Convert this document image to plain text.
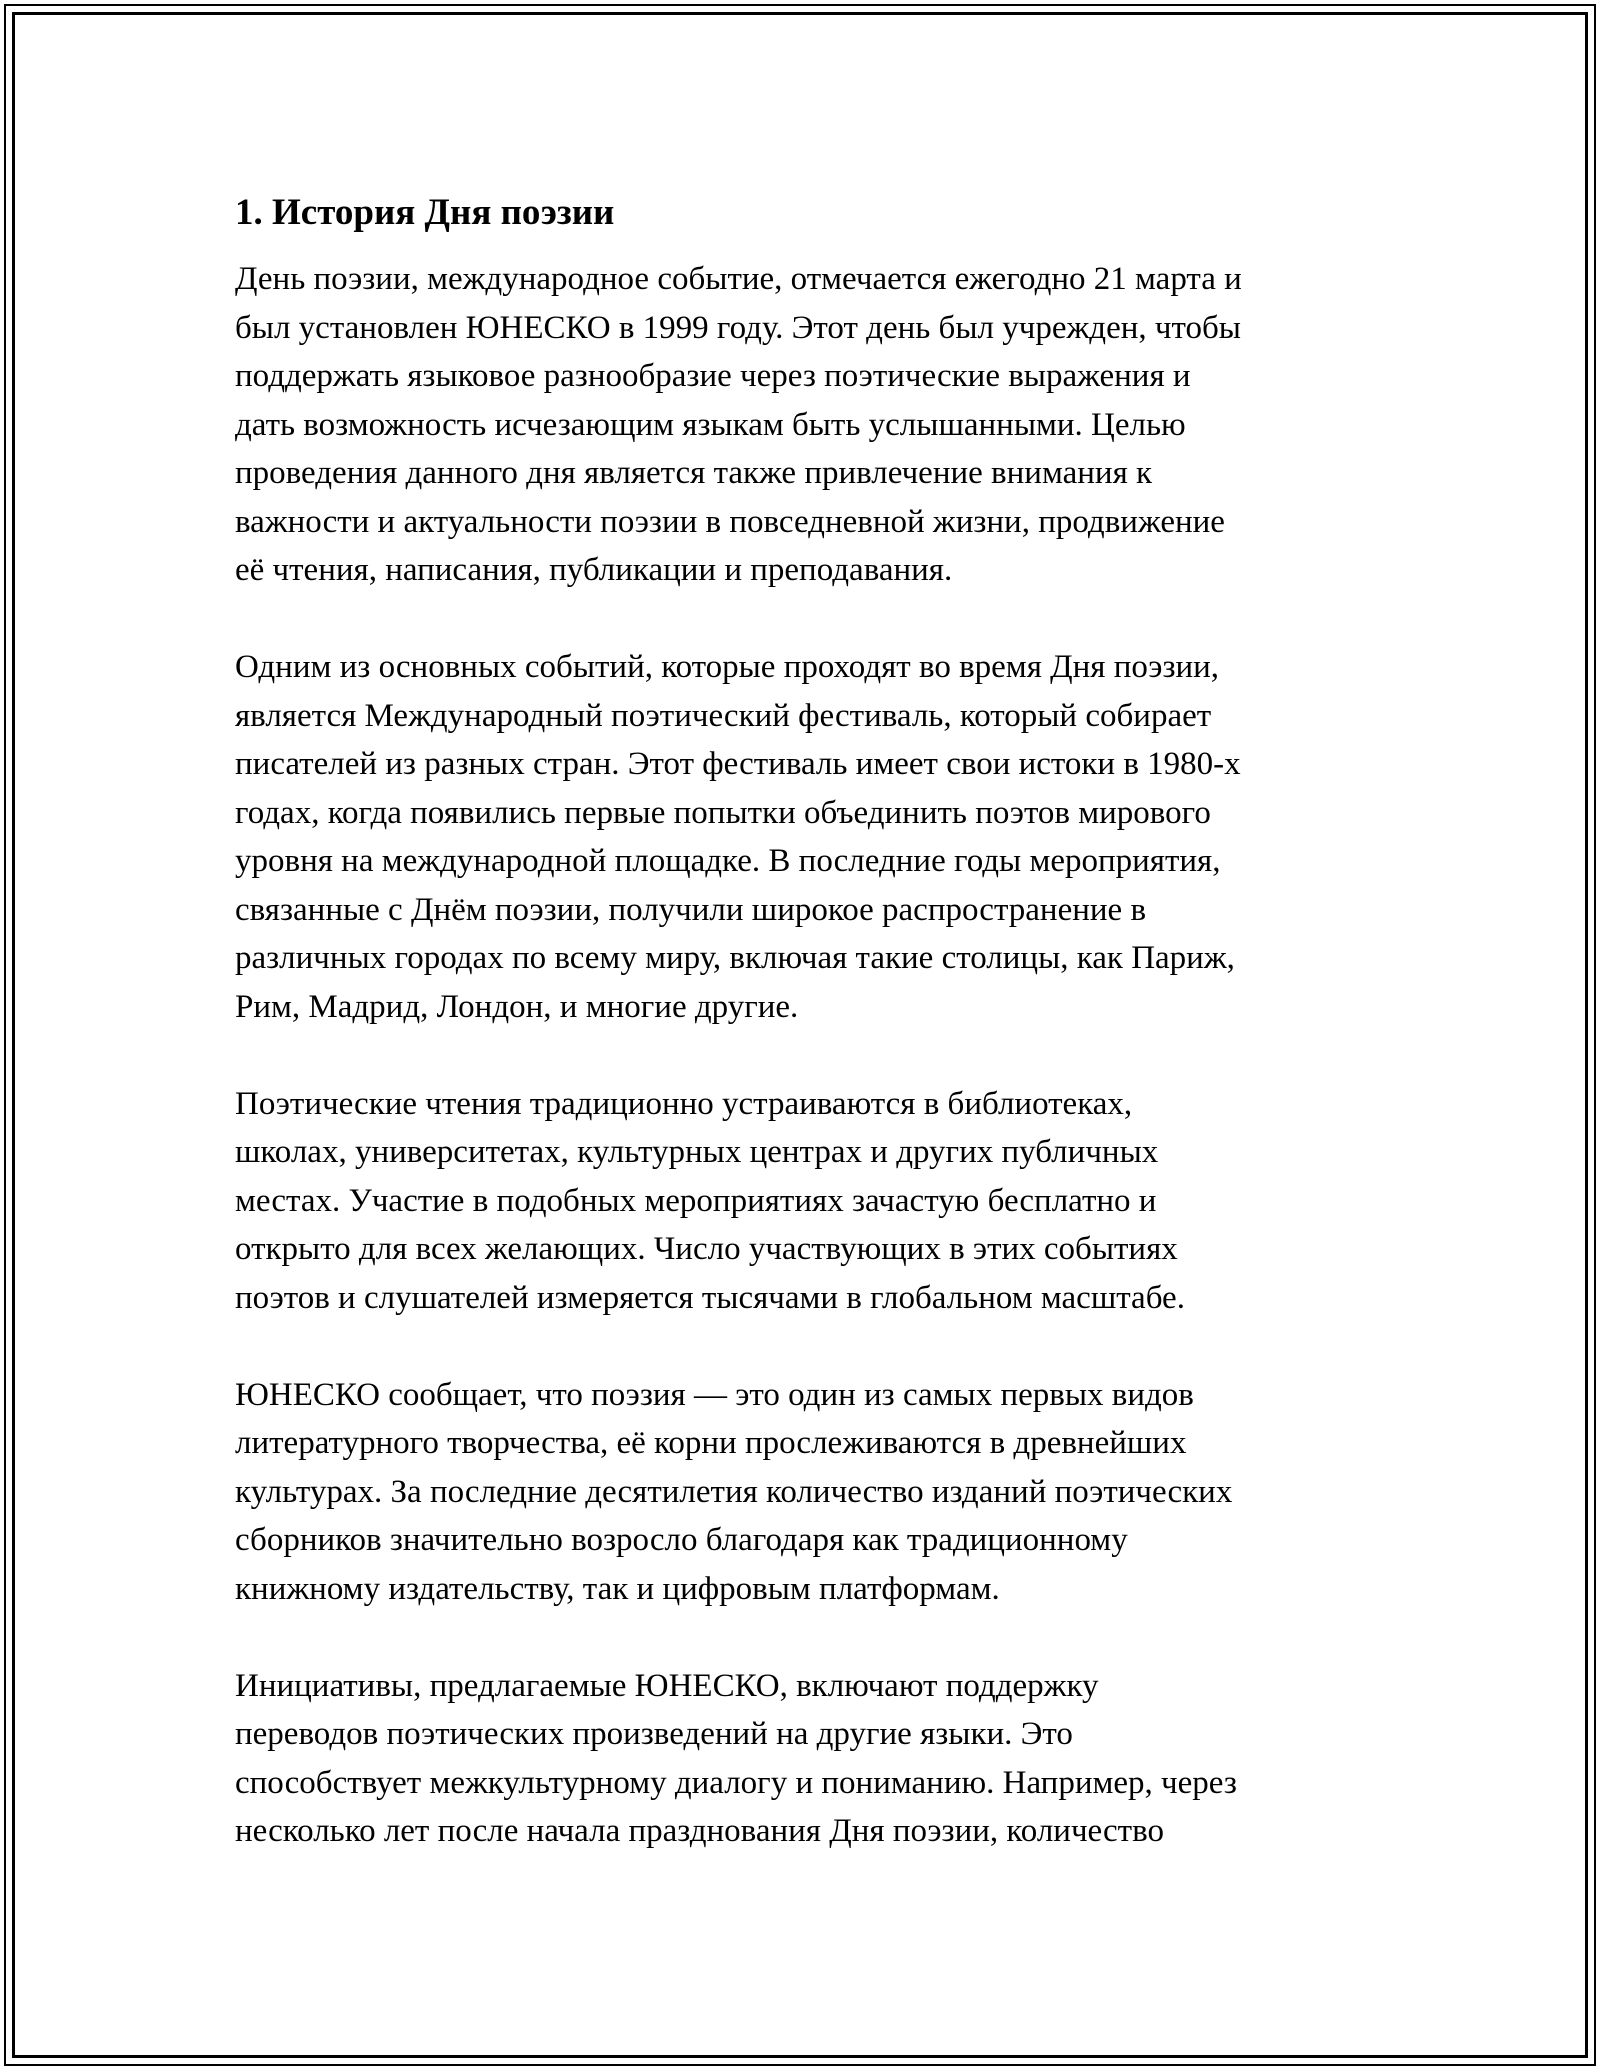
1. История Дня поэзии

День поэзии, международное событие, отмечается ежегодно 21 марта и
был установлен ЮНЕСКО в 1999 году. Этот день был учрежден, чтобы
поддержать языковое разнообразие через поэтические выражения и
дать возможность исчезающим языкам быть услышанными. Целью
проведения данного дня является также привлечение внимания к
важности и актуальности поэзии в повседневной жизни, продвижение
её чтения, написания, публикации и преподавания.

Одним из основных событий, которые проходят во время Дня поэзии,
является Международный поэтический фестиваль, который собирает
писателей из разных стран. Этот фестиваль имеет свои истоки в 1980-х
годах, когда появились первые попытки объединить поэтов мирового
уровня на международной площадке. В последние годы мероприятия,
связанные с Днём поэзии, получили широкое распространение в
различных городах по всему миру, включая такие столицы, как Париж,
Рим, Мадрид, Лондон, и многие другие.

Поэтические чтения традиционно устраиваются в библиотеках,
школах, университетах, культурных центрах и других публичных
местах. Участие в подобных мероприятиях зачастую бесплатно и
открыто для всех желающих. Число участвующих в этих событиях
поэтов и слушателей измеряется тысячами в глобальном масштабе.

ЮНЕСКО сообщает, что поэзия — это один из самых первых видов
литературного творчества, её корни прослеживаются в древнейших
культурах. За последние десятилетия количество изданий поэтических
сборников значительно возросло благодаря как традиционному
книжному издательству, так и цифровым платформам.

Инициативы, предлагаемые ЮНЕСКО, включают поддержку
переводов поэтических произведений на другие языки. Это
способствует межкультурному диалогу и пониманию. Например, через
несколько лет после начала празднования Дня поэзии, количество
